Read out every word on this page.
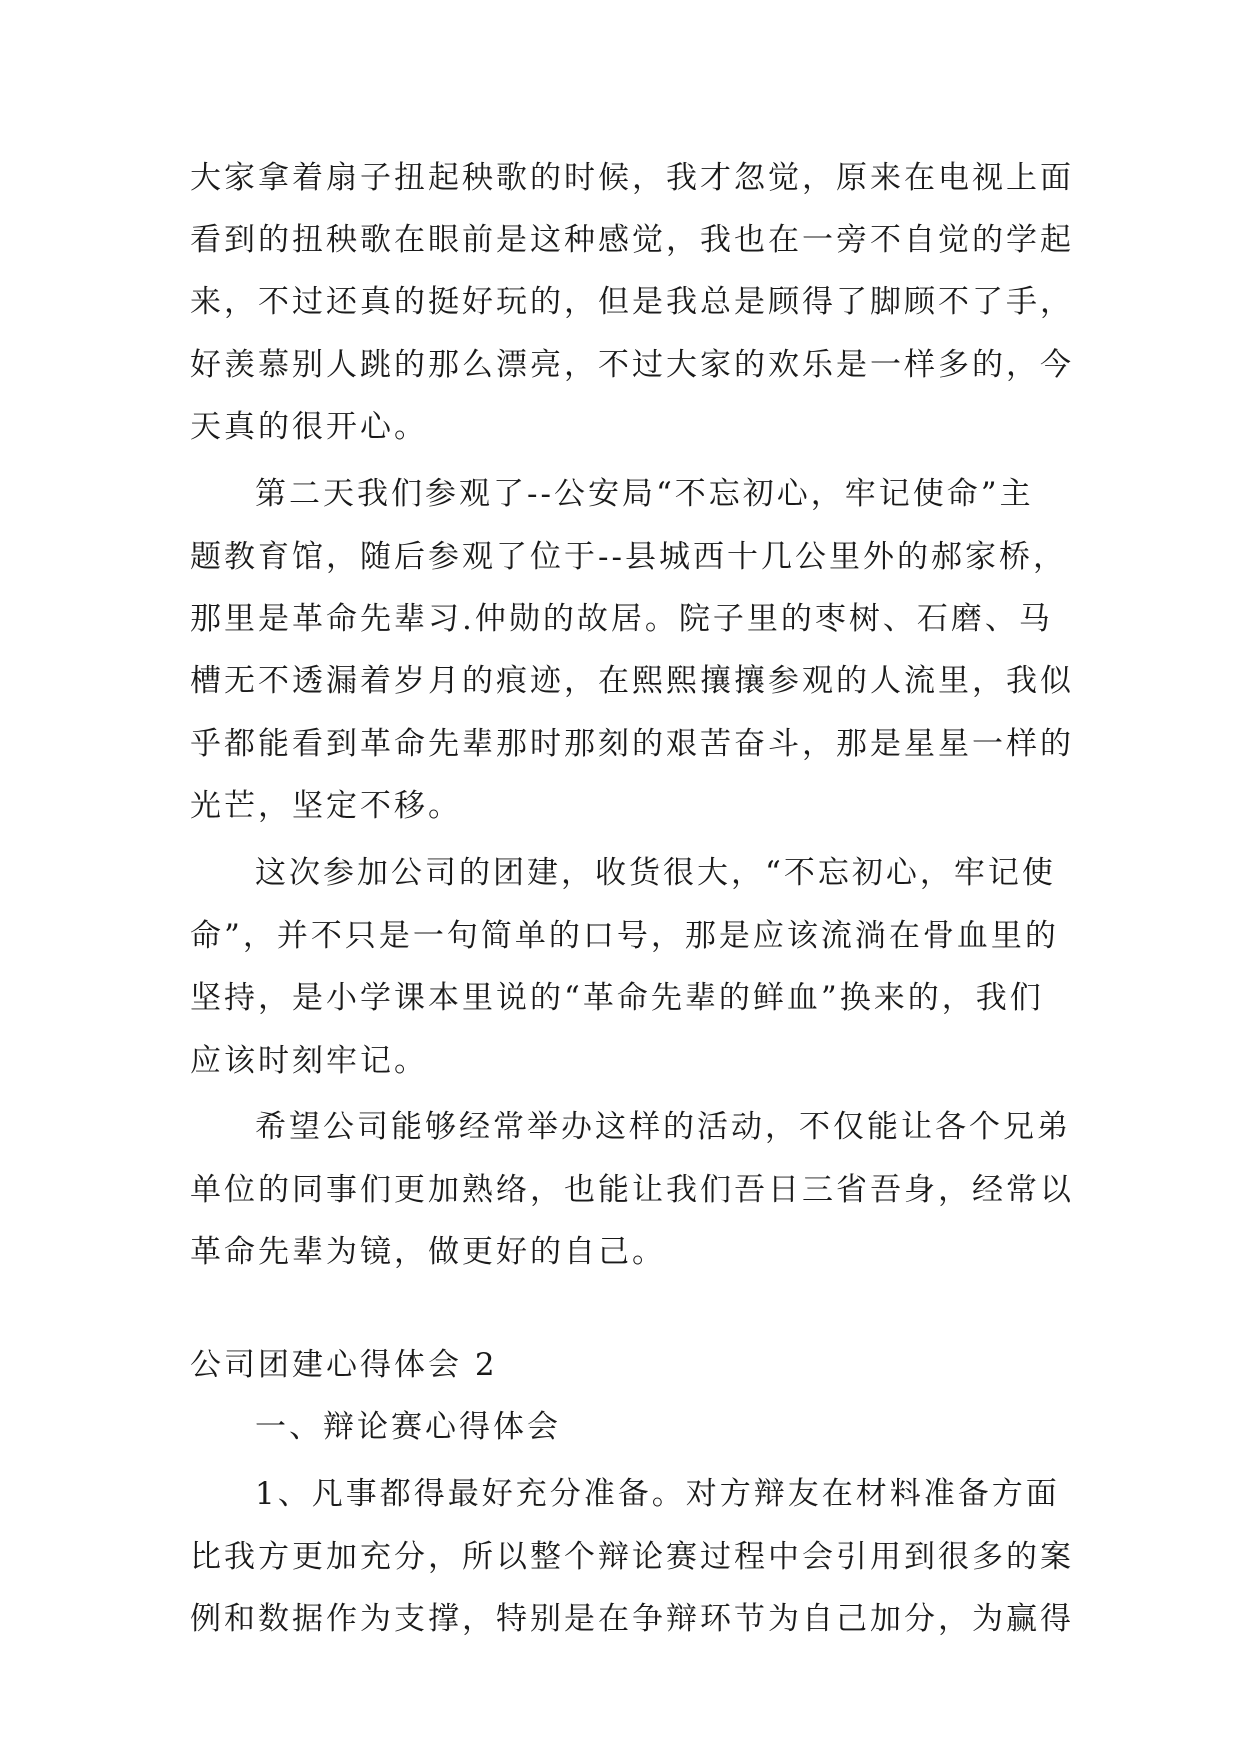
大家拿着扇子扭起秧歌的时候，我才忽觉，原来在电视上面
看到的扭秧歌在眼前是这种感觉，我也在一旁不自觉的学起
来，不过还真的挺好玩的，但是我总是顾得了脚顾不了手，
好羡慕别人跳的那么漂亮，不过大家的欢乐是一样多的，今
天真的很开心。
第二天我们参观了--公安局“不忘初心，牢记使命”主
题教育馆，随后参观了位于--县城西十几公里外的郝家桥，
那里是革命先辈习.仲勋的故居。院子里的枣树、石磨、马
槽无不透漏着岁月的痕迹，在熙熙攘攘参观的人流里，我似
乎都能看到革命先辈那时那刻的艰苦奋斗，那是星星一样的
光芒，坚定不移。
这次参加公司的团建，收货很大，“不忘初心，牢记使
命”，并不只是一句简单的口号，那是应该流淌在骨血里的
坚持，是小学课本里说的“革命先辈的鲜血”换来的，我们
应该时刻牢记。
希望公司能够经常举办这样的活动，不仅能让各个兄弟
单位的同事们更加熟络，也能让我们吾日三省吾身，经常以
革命先辈为镜，做更好的自己。
公司团建心得体会 2
一、辩论赛心得体会
1、凡事都得最好充分准备。对方辩友在材料准备方面
比我方更加充分，所以整个辩论赛过程中会引用到很多的案
例和数据作为支撑，特别是在争辩环节为自己加分，为赢得
